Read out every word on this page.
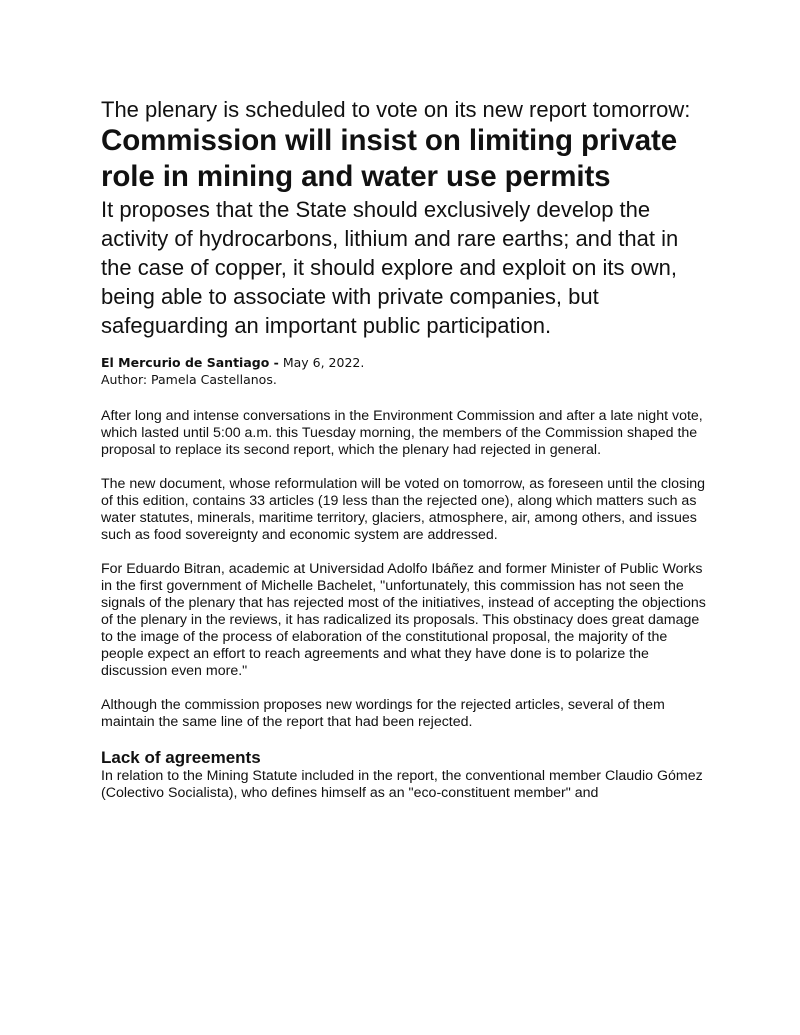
The plenary is scheduled to vote on its new report tomorrow:
Commission will insist on limiting private role in mining and water use permits

It proposes that the State should exclusively develop the activity of hydrocarbons, lithium and rare earths; and that in the case of copper, it should explore and exploit on its own, being able to associate with private companies, but safeguarding an important public participation.

El Mercurio de Santiago - May 6, 2022.
Author: Pamela Castellanos.

After long and intense conversations in the Environment Commission and after a late night vote, which lasted until 5:00 a.m. this Tuesday morning, the members of the Commission shaped the proposal to replace its second report, which the plenary had rejected in general.

The new document, whose reformulation will be voted on tomorrow, as foreseen until the closing of this edition, contains 33 articles (19 less than the rejected one), along which matters such as water statutes, minerals, maritime territory, glaciers, atmosphere, air, among others, and issues such as food sovereignty and economic system are addressed.

For Eduardo Bitran, academic at Universidad Adolfo Ibáñez and former Minister of Public Works in the first government of Michelle Bachelet, "unfortunately, this commission has not seen the signals of the plenary that has rejected most of the initiatives, instead of accepting the objections of the plenary in the reviews, it has radicalized its proposals. This obstinacy does great damage to the image of the process of elaboration of the constitutional proposal, the majority of the people expect an effort to reach agreements and what they have done is to polarize the discussion even more."

Although the commission proposes new wordings for the rejected articles, several of them maintain the same line of the report that had been rejected.

Lack of agreements

In relation to the Mining Statute included in the report, the conventional member Claudio Gómez (Colectivo Socialista), who defines himself as an "eco-constituent member" and
